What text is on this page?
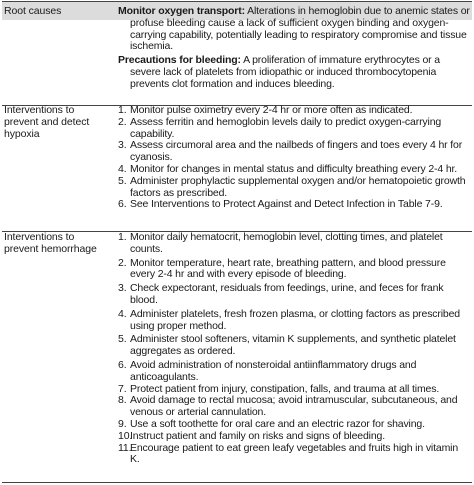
Root causes	Monitor oxygen transport: Alterations in hemoglobin due to anemic states or profuse bleeding cause a lack of sufficient oxygen binding and oxygen-carrying capability, potentially leading to respiratory compromise and tissue ischemia.

Precautions for bleeding: A proliferation of immature erythrocytes or a severe lack of platelets from idiopathic or induced thrombocytopenia prevents clot formation and induces bleeding.

Interventions to prevent and detect hypoxia
1. Monitor pulse oximetry every 2-4 hr or more often as indicated.
2. Assess ferritin and hemoglobin levels daily to predict oxygen-carrying capability.
3. Assess circumoral area and the nailbeds of fingers and toes every 4 hr for cyanosis.
4. Monitor for changes in mental status and difficulty breathing every 2-4 hr.
5. Administer prophylactic supplemental oxygen and/or hematopoietic growth factors as prescribed.
6. See Interventions to Protect Against and Detect Infection in Table 7-9.
Interventions to prevent hemorrhage
1. Monitor daily hematocrit, hemoglobin level, clotting times, and platelet counts.
2. Monitor temperature, heart rate, breathing pattern, and blood pressure every 2-4 hr and with every episode of bleeding.
3. Check expectorant, residuals from feedings, urine, and feces for frank blood.
4. Administer platelets, fresh frozen plasma, or clotting factors as prescribed using proper method.
5. Administer stool softeners, vitamin K supplements, and synthetic platelet aggregates as ordered.
6. Avoid administration of nonsteroidal antiinflammatory drugs and anticoagulants.
7. Protect patient from injury, constipation, falls, and trauma at all times.
8. Avoid damage to rectal mucosa; avoid intramuscular, subcutaneous, and venous or arterial cannulation.
9. Use a soft toothette for oral care and an electric razor for shaving.
10.
Instruct patient and family on risks and signs of bleeding.
11.
Encourage patient to eat green leafy vegetables and fruits high in vitamin K.
